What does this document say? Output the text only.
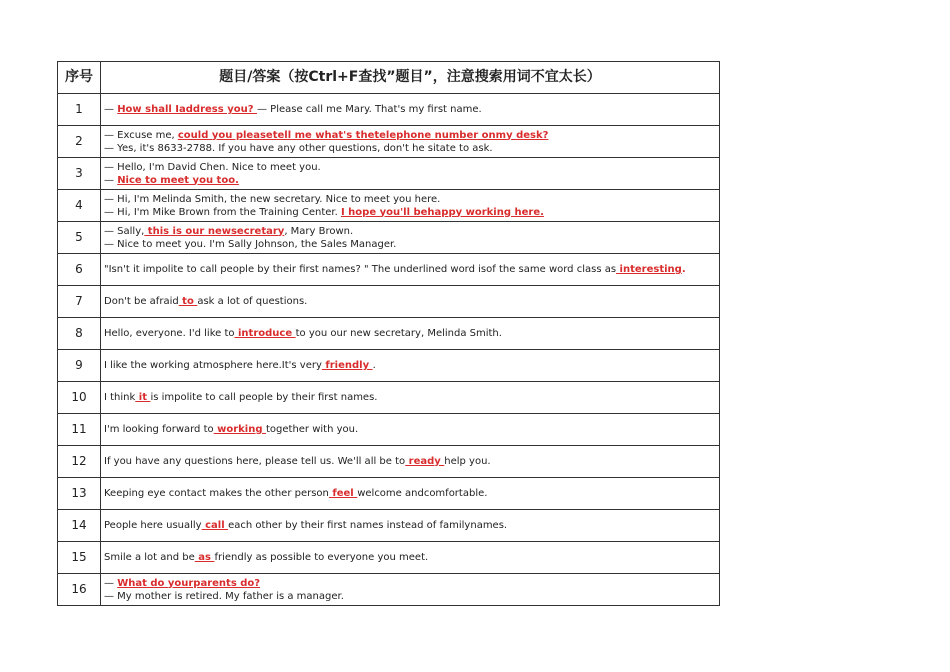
序号	题目/答案（按Ctrl+F查找”题目”，注意搜索用词不宜太长）
1	— How shall Iaddress you? — Please call me Mary. That's my first name.
2	— Excuse me, could you pleasetell me what's thetelephone number onmy desk?
— Yes, it's 8633-2788. If you have any other questions, don't he sitate to ask.

3	— Hello, I'm David Chen. Nice to meet you.
— Nice to meet you too.

4	— Hi, I'm Melinda Smith, the new secretary. Nice to meet you here.
— Hi, I'm Mike Brown from the Training Center. I hope you'll behappy working here.

5	— Sally, this is our newsecretary, Mary Brown.
— Nice to meet you. I'm Sally Johnson, the Sales Manager.

6	"Isn't it impolite to call people by their first names? " The underlined word isof the same word class as interesting.
7	Don't be afraid to ask a lot of questions.
8	Hello, everyone. I'd like to introduce to you our new secretary, Melinda Smith.
9	I like the working atmosphere here.It's very friendly .
10	I think it is impolite to call people by their first names.
11	I'm looking forward to working together with you.
12	If you have any questions here, please tell us. We'll all be to ready help you.
13	Keeping eye contact makes the other person feel welcome andcomfortable.
14	People here usually call each other by their first names instead of familynames.
15	Smile a lot and be as friendly as possible to everyone you meet.
16	— What do yourparents do?
— My mother is retired. My father is a manager.
